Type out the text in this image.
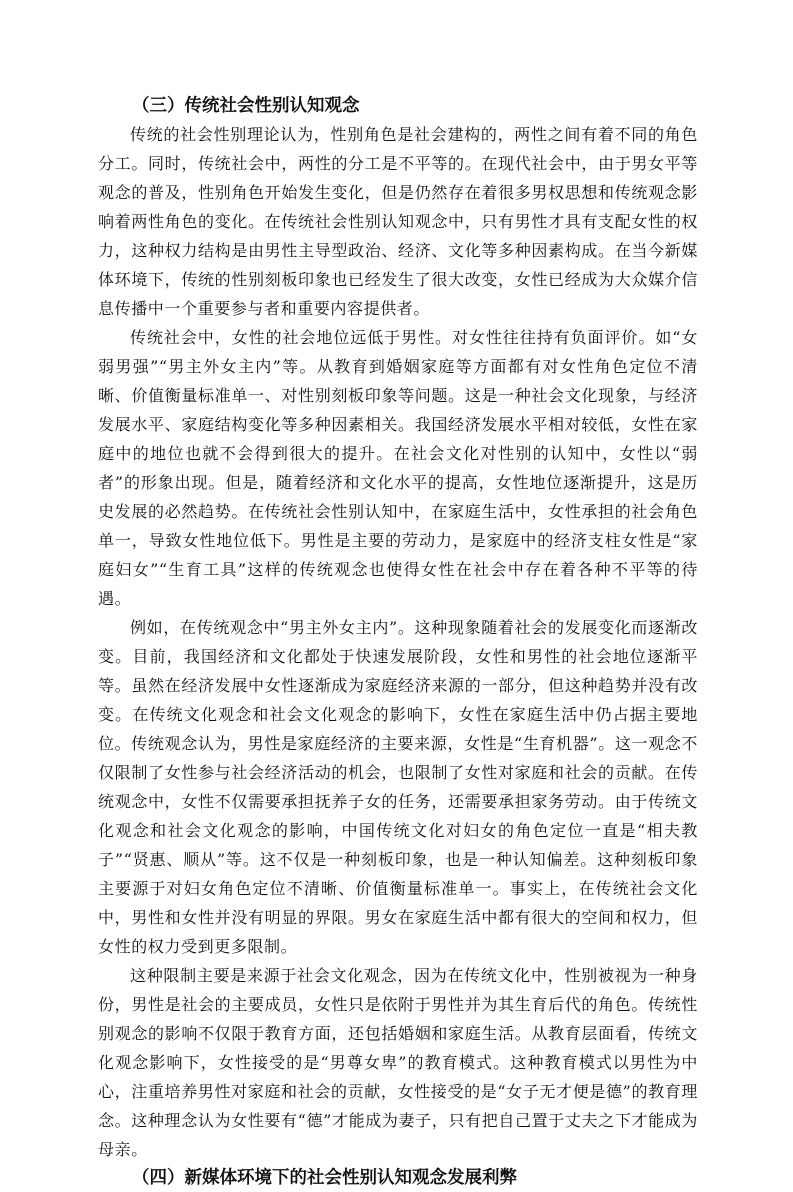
（三）传统社会性别认知观念

传统的社会性别理论认为，性别角色是社会建构的，两性之间有着不同的角色分工。同时，传统社会中，两性的分工是不平等的。在现代社会中，由于男女平等观念的普及，性别角色开始发生变化，但是仍然存在着很多男权思想和传统观念影响着两性角色的变化。在传统社会性别认知观念中，只有男性才具有支配女性的权力，这种权力结构是由男性主导型政治、经济、文化等多种因素构成。在当今新媒体环境下，传统的性别刻板印象也已经发生了很大改变，女性已经成为大众媒介信息传播中一个重要参与者和重要内容提供者。

传统社会中，女性的社会地位远低于男性。对女性往往持有负面评价。如“女弱男强”“男主外女主内”等。从教育到婚姻家庭等方面都有对女性角色定位不清晰、价值衡量标准单一、对性别刻板印象等问题。这是一种社会文化现象，与经济发展水平、家庭结构变化等多种因素相关。我国经济发展水平相对较低，女性在家庭中的地位也就不会得到很大的提升。在社会文化对性别的认知中，女性以“弱者”的形象出现。但是，随着经济和文化水平的提高，女性地位逐渐提升，这是历史发展的必然趋势。在传统社会性别认知中，在家庭生活中，女性承担的社会角色单一，导致女性地位低下。男性是主要的劳动力，是家庭中的经济支柱女性是“家庭妇女”“生育工具”这样的传统观念也使得女性在社会中存在着各种不平等的待遇。

例如，在传统观念中“男主外女主内”。这种现象随着社会的发展变化而逐渐改变。目前，我国经济和文化都处于快速发展阶段，女性和男性的社会地位逐渐平等。虽然在经济发展中女性逐渐成为家庭经济来源的一部分，但这种趋势并没有改变。在传统文化观念和社会文化观念的影响下，女性在家庭生活中仍占据主要地位。传统观念认为，男性是家庭经济的主要来源，女性是“生育机器”。这一观念不仅限制了女性参与社会经济活动的机会，也限制了女性对家庭和社会的贡献。在传统观念中，女性不仅需要承担抚养子女的任务，还需要承担家务劳动。由于传统文化观念和社会文化观念的影响，中国传统文化对妇女的角色定位一直是“相夫教子”“贤惠、顺从”等。这不仅是一种刻板印象，也是一种认知偏差。这种刻板印象主要源于对妇女角色定位不清晰、价值衡量标准单一。事实上，在传统社会文化中，男性和女性并没有明显的界限。男女在家庭生活中都有很大的空间和权力，但女性的权力受到更多限制。

这种限制主要是来源于社会文化观念，因为在传统文化中，性别被视为一种身份，男性是社会的主要成员，女性只是依附于男性并为其生育后代的角色。传统性别观念的影响不仅限于教育方面，还包括婚姻和家庭生活。从教育层面看，传统文化观念影响下，女性接受的是“男尊女卑”的教育模式。这种教育模式以男性为中心，注重培养男性对家庭和社会的贡献，女性接受的是“女子无才便是德”的教育理念。这种理念认为女性要有“德”才能成为妻子，只有把自己置于丈夫之下才能成为母亲。

（四）新媒体环境下的社会性别认知观念发展利弊
